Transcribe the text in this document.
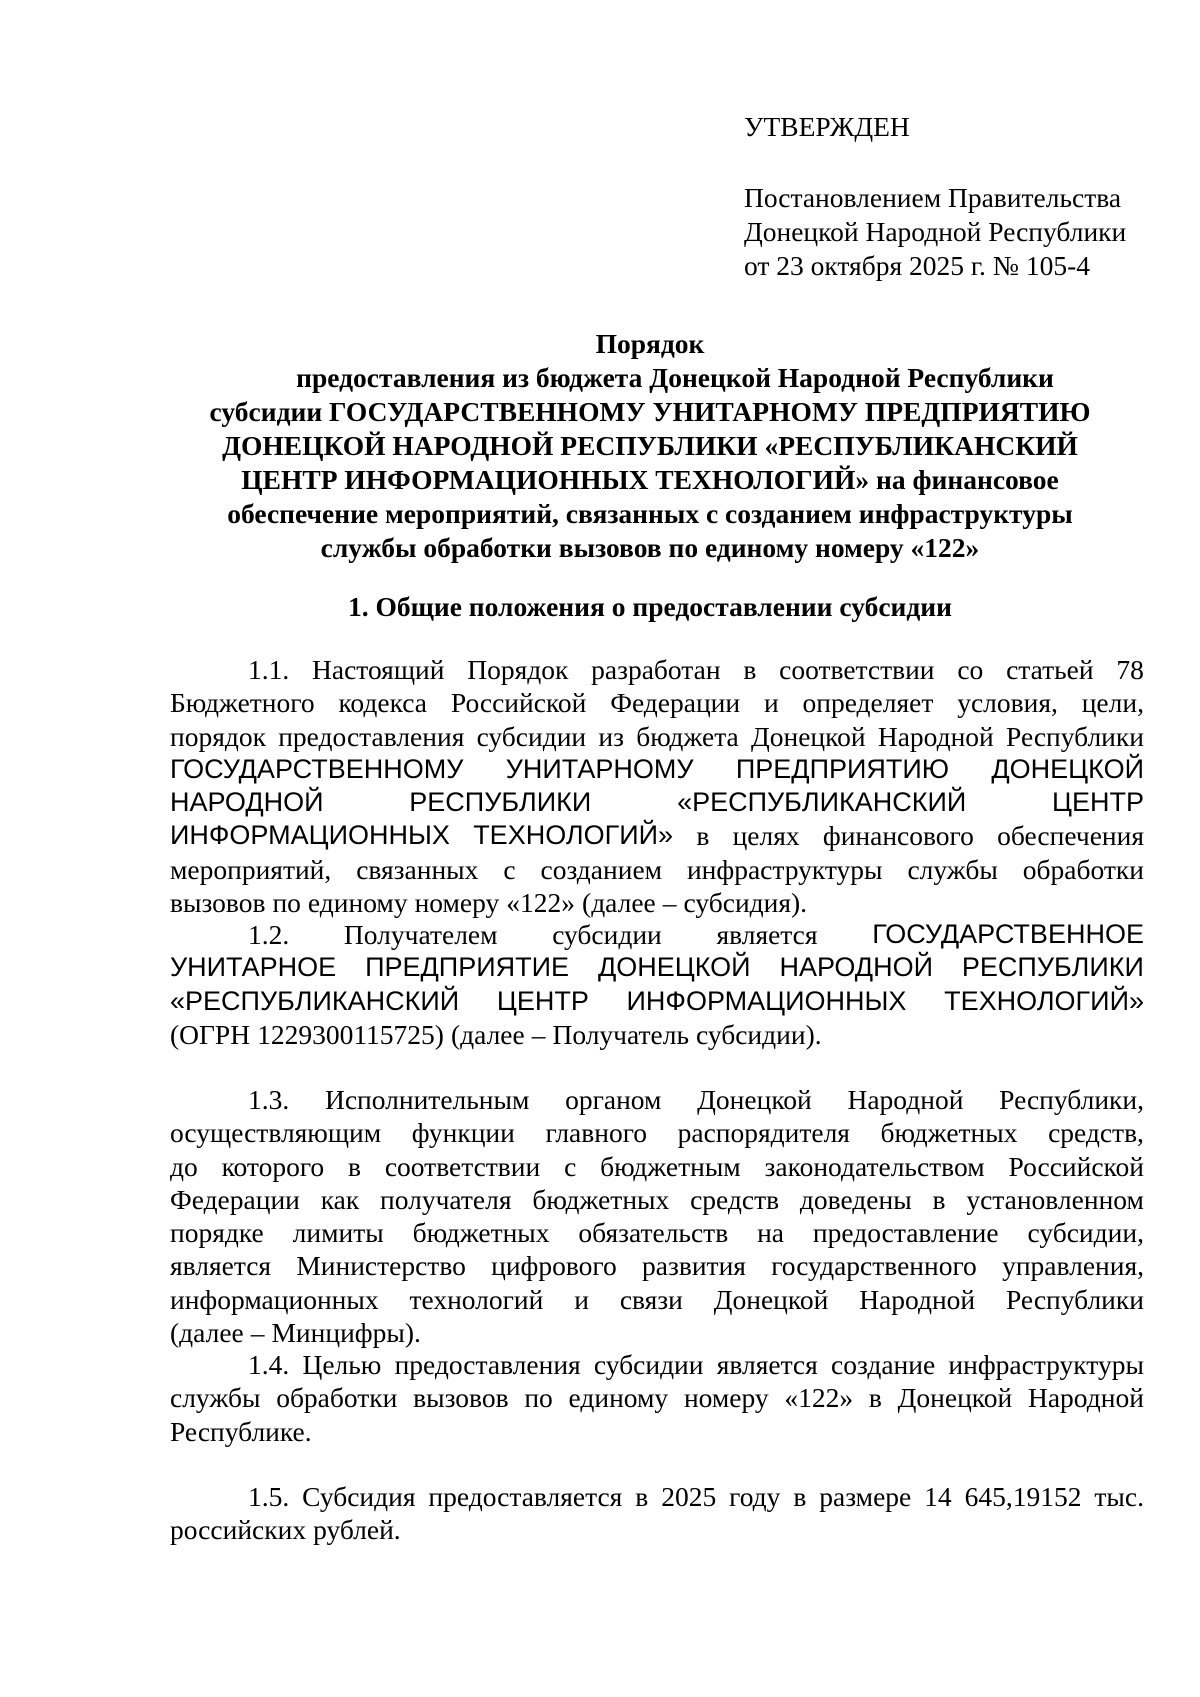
УТВЕРЖДЕН
Постановлением Правительства
Донецкой Народной Республики
от 23 октября 2025 г. № 105-4
Порядок
предоставления из бюджета Донецкой Народной Республики
субсидии ГОСУДАРСТВЕННОМУ УНИТАРНОМУ ПРЕДПРИЯТИЮ
ДОНЕЦКОЙ НАРОДНОЙ РЕСПУБЛИКИ «РЕСПУБЛИКАНСКИЙ
ЦЕНТР ИНФОРМАЦИОННЫХ ТЕХНОЛОГИЙ» на финансовое
обеспечение мероприятий, связанных с созданием инфраструктуры
службы обработки вызовов по единому номеру «122»
1. Общие положения о предоставлении субсидии
1.1. Настоящий Порядок разработан в соответствии со статьей 78
Бюджетного кодекса Российской Федерации и определяет условия, цели,
порядок предоставления субсидии из бюджета Донецкой Народной Республики
ГОСУДАРСТВЕННОМУ УНИТАРНОМУ ПРЕДПРИЯТИЮ ДОНЕЦКОЙ
НАРОДНОЙ	РЕСПУБЛИКИ	«РЕСПУБЛИКАНСКИЙ	ЦЕНТР
ИНФОРМАЦИОННЫХ ТЕХНОЛОГИЙ» в целях финансового обеспечения
мероприятий, связанных с созданием инфраструктуры службы обработки
вызовов по единому номеру «122» (далее – субсидия).
1.2. Получателем субсидии является ГОСУДАРСТВЕННОЕ
УНИТАРНОЕ ПРЕДПРИЯТИЕ ДОНЕЦКОЙ НАРОДНОЙ РЕСПУБЛИКИ
«РЕСПУБЛИКАНСКИЙ ЦЕНТР ИНФОРМАЦИОННЫХ ТЕХНОЛОГИЙ»
(ОГРН 1229300115725) (далее – Получатель субсидии).
1.3. Исполнительным органом Донецкой Народной Республики,
осуществляющим функции главного распорядителя бюджетных средств,
до которого в соответствии с бюджетным законодательством Российской
Федерации как получателя бюджетных средств доведены в установленном
порядке лимиты бюджетных обязательств на предоставление субсидии,
является Министерство цифрового развития государственного управления,
информационных технологий и связи Донецкой Народной Республики
(далее – Минцифры).
1.4. Целью предоставления субсидии является создание инфраструктуры
службы обработки вызовов по единому номеру «122» в Донецкой Народной
Республике.
1.5. Субсидия предоставляется в 2025 году в размере 14 645,19152 тыс.
российских рублей.
